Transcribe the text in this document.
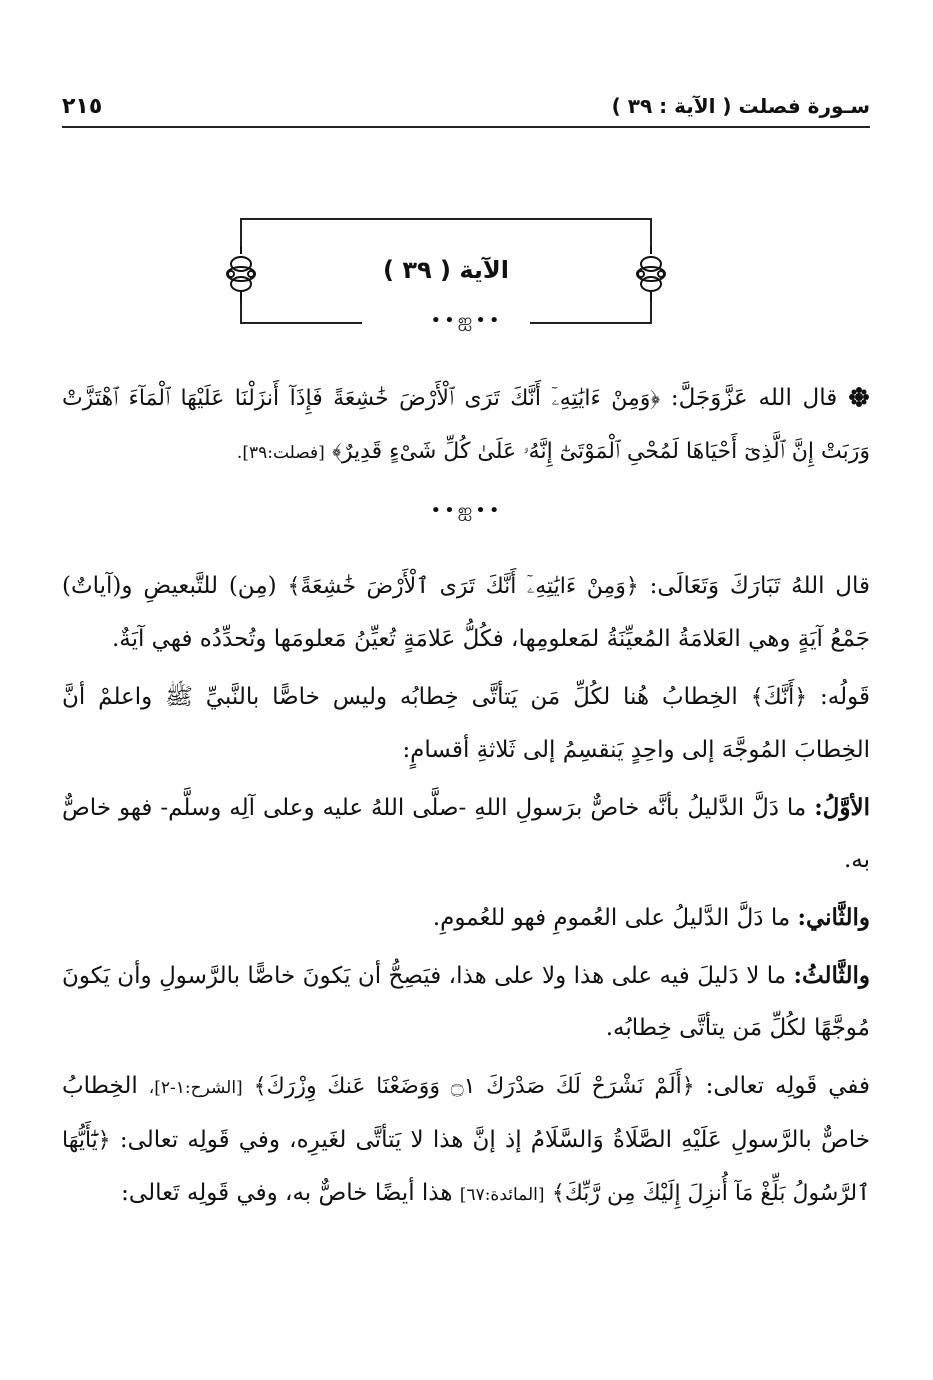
سـورة فصلت ( الآية : ٣٩ )
٢١٥
الآية ( ٣٩ )
••ஐ••

قال الله عَزَّوَجَلَّ: ﴿وَمِنْ ءَايَٰتِهِۦٓ أَنَّكَ تَرَى ٱلْأَرْضَ خَٰشِعَةً فَإِذَآ أَنزَلْنَا عَلَيْهَا ٱلْمَآءَ ٱهْتَزَّتْ وَرَبَتْ إِنَّ ٱلَّذِىٓ أَحْيَاهَا لَمُحْىِ ٱلْمَوْتَىٰٓ إِنَّهُۥ عَلَىٰ كُلِّ شَىْءٍ قَدِيرٌ﴾ [فصلت:٣٩].

••ஐ••

قال اللهُ تَبَارَكَ وَتَعَالَى: ﴿وَمِنْ ءَايَٰتِهِۦٓ أَنَّكَ تَرَى ٱلْأَرْضَ خَٰشِعَةً﴾ (مِن) للتَّبعيضِ و(آياتٌ) جَمْعُ آيَةٍ وهي العَلامَةُ المُعيِّنَةُ لمَعلومِها، فكُلُّ عَلامَةٍ تُعيِّنُ مَعلومَها وتُحدِّدُه فهي آيَةٌ.

قَولُه: ﴿أَنَّكَ﴾ الخِطابُ هُنا لكُلِّ مَن يَتأتَّى خِطابُه وليس خاصًّا بالنَّبيِّ ﷺ واعلمْ أنَّ الخِطابَ المُوجَّهَ إلى واحِدٍ يَنقسِمُ إلى ثَلاثةِ أقسامٍ:

الأوَّلُ: ما دَلَّ الدَّليلُ بأنَّه خاصٌّ برَسولِ اللهِ -صلَّى اللهُ عليه وعلى آلِه وسلَّم- فهو خاصٌّ به.

والثَّاني: ما دَلَّ الدَّليلُ على العُمومِ فهو للعُمومِ.

والثَّالثُ: ما لا دَليلَ فيه على هذا ولا على هذا، فيَصِحُّ أن يَكونَ خاصًّا بالرَّسولِ وأن يَكونَ مُوجَّهًا لكُلِّ مَن يتأتَّى خِطابُه.

ففي قَولِه تعالى: ﴿أَلَمْ نَشْرَحْ لَكَ صَدْرَكَ ۝١ وَوَضَعْنَا عَنكَ وِزْرَكَ﴾ [الشرح:١-٢]، الخِطابُ خاصٌّ بالرَّسولِ عَلَيْهِ الصَّلَاةُ وَالسَّلَامُ إذ إنَّ هذا لا يَتأتَّى لغَيرِه، وفي قَولِه تعالى: ﴿يَٰٓأَيُّهَا ٱلرَّسُولُ بَلِّغْ مَآ أُنزِلَ إِلَيْكَ مِن رَّبِّكَ﴾ [المائدة:٦٧] هذا أيضًا خاصٌّ به، وفي قَولِه تَعالى:
